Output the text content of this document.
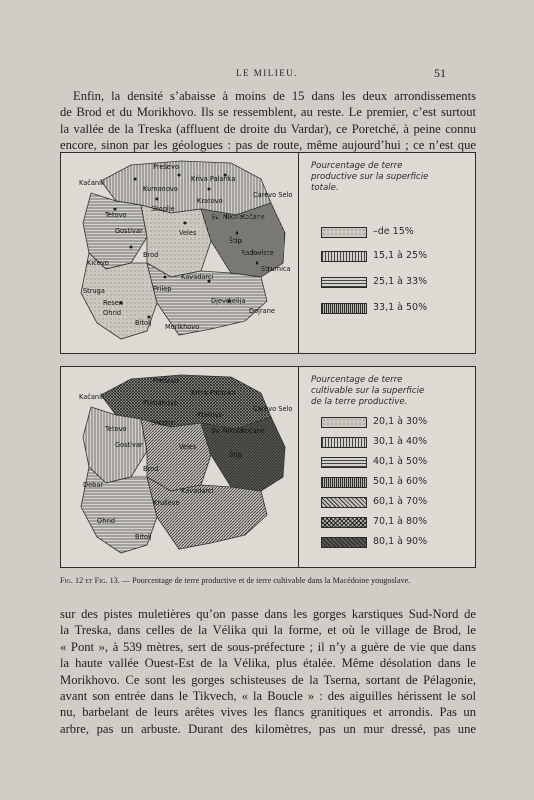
LE MILIEU.	51
Enfin, la densité s’abaisse à moins de 15 dans les deux arrondissements
de Brod et du Morikhovo. Ils se ressemblent, au reste. Le premier, c’est surtout
la vallée de la Treska (affluent de droite du Vardar), ce Poretché, à peine connu
encore, sinon par les géologues : pas de route, même aujourd’hui ; ce n’est que
Kačanik	Kriva Palanka
Preševo
Kumanovo
Kratovo
Tetovo
Skoplje
Gostivar	Veles
Sv. Nikola
Kočane
Carevo Selo
Štip
Radoviste
Strumica
Brod
Kavadarci
Prilep
Kičevo
Resen
Ohrid
Bitolj
Djevdjelija
Struga
Dojrane
Morikhovo
Pourcentage de terre
productive sur la superficie
totale.
–de 15%
15,1 à 25%
25,1 à 33%
33,1 à 50%
Kačanik	Kriva Palanka
Preševo
Kumanovo
Kratovo
Tetovo
Skoplje
Gostivar	Veles
Sv. Nikola
Kočane
Carevo Selo
Štip
Debar
Brod
Kavadarci
Kruševo
Ohrid
Bitolj
Pourcentage de terre
cultivable sur la superficie
de la terre productive.
20,1 à 30%
30,1 à 40%
40,1 à 50%
50,1 à 60%
60,1 à 70%
70,1 à 80%
80,1 à 90%
Fig. 12 et Fig. 13. — Pourcentage de terre productive et de terre cultivable dans la Macédoine yougoslave.
sur des pistes muletières qu’on passe dans les gorges karstiques Sud-Nord de
la Treska, dans celles de la Vélika qui la forme, et où le village de Brod, le
« Pont », à 539 mètres, sert de sous-préfecture ; il n’y a guère de vie que dans
la haute vallée Ouest-Est de la Vélika, plus étalée. Même désolation dans le
Morikhovo. Ce sont les gorges schisteuses de la Tserna, sortant de Pélagonie,
avant son entrée dans le Tikvech, « la Boucle » : des aiguilles hérissent le sol
nu, barbelant de leurs arêtes vives les flancs granitiques et arrondis. Pas un
arbre, pas un arbuste. Durant des kilomètres, pas un mur dressé, pas une
